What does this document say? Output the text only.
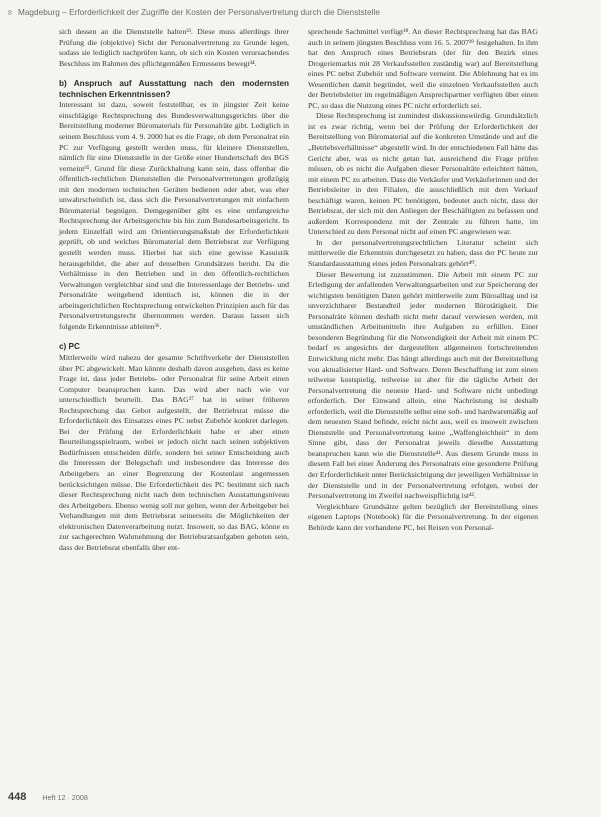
8 Magdeburg – Erforderlichkeit der Zugriffe der Kosten der Personalvertretung durch die Dienststelle

sich dessen an die Dienststelle halten³³. Diese muss allerdings ihrer Prüfung die (objektive) Sicht der Personalvertretung zu Grunde legen, sodass sie lediglich nachprüfen kann, ob sich ein Kosten verursachendes Beschluss im Rahmen des pflichtgemäßen Ermessens bewegt³⁴.

b) Anspruch auf Ausstattung nach den modernsten technischen Erkenntnissen?

Interessant ist dazu, soweit feststellbar, es in jüngster Zeit keine einschlägige Rechtsprechung des Bundesverwaltungsgerichts über die Bereitstellung moderner Büromaterials für Personalräte gibt. Lediglich in seinem Beschluss vom 4. 9. 2000 hat es die Frage, ob dem Personalrat ein PC zur Verfügung gestellt werden muss, für kleinere Dienststellen, nämlich für eine Dienststelle in der Größe einer Hundertschaft des BGS verneint³⁵. Grund für diese Zurückhaltung kann sein, dass offenbar die öffentlich-rechtlichen Dienststellen die Personalvertretungen großzügig mit den modernen technischen Geräten bedienen oder aber, was eher unwahrscheinlich ist, dass sich die Personalvertretungen mit einfachem Büromaterial begnügen. Demgegenüber gibt es eine umfangreiche Rechtsprechung der Arbeitsgerichte bis hin zum Bundesarbeitsgericht. In jedem Einzelfall wird am Orientierungsmaßstab der Erforderlichkeit geprüft, ob und welches Büromaterial dem Betriebsrat zur Verfügung gestellt werden muss. Hierbei hat sich eine gewisse Kasuistik herausgebildet, die aber auf denselben Grundsätzen beruht. Da die Verhältnisse in den Betrieben und in den öffentlich-rechtlichen Verwaltungen vergleichbar sind und die Interessenlage der Betriebs- und Personalräte weitgehend identisch ist, können die in der arbeitsgerichtlichen Rechtsprechung entwickelten Prinzipien auch für das Personalvertretungsrecht übernommen werden. Daraus lassen sich folgende Erkenntnisse ableiten³⁶.

c) PC

Mittlerweile wird nahezu der gesamte Schriftverkehr der Dienststellen über PC abgewickelt. Man könnte deshalb davon ausgehen, dass es keine Frage ist, dass jeder Betriebs- oder Personalrat für seine Arbeit einen Computer beanspruchen kann. Das wird aber nach wie vor unterschiedlich beurteilt. Das BAG³⁷ hat in seiner früheren Rechtsprechung das Gebot aufgestellt, der Betriebsrat müsse die Erforderlichkeit des Einsatzes eines PC nebst Zubehör konkret darlegen. Bei der Prüfung der Erforderlichkeit habe er aber einen Beurteilungsspielraum, wobei er jedoch nicht nach seinen subjektiven Bedürfnissen entscheiden dürfe, sondern bei seiner Entscheidung auch die Interessen der Belegschaft und insbesondere das Interesse des Arbeitgebers an einer Begrenzung der Kostenlast angemessen berücksichtigen müsse. Die Erforderlichkeit des PC bestimmt sich nach dieser Rechtsprechung nicht nach dem technischen Ausstattungsniveau des Arbeitgebers. Ebenso wenig soll nur gelten, wenn der Arbeitgeber bei Verhandlungen mit dem Betriebsrat seinerseits die Möglichkeiten der elektronischen Datenverarbeitung nutzt. Insoweit, so das BAG, könne es zur sachgerechten Wahrnehmung der Betriebsratsaufgaben geboten sein, dass der Betriebsrat ebenfalls über ent-

sprechende Sachmittel verfügt³⁸. An dieser Rechtsprechung hat das BAG auch in seinem jüngsten Beschluss vom 16. 5. 2007³⁹ festgehalten. In ihm hat den Anspruch eines Betriebsrats (der für den Bezirk eines Drogeriemarkts mit 28 Verkaufsstellen zuständig war) auf Bereitstellung eines PC nebst Zubehör und Software verneint. Die Ablehnung hat es im Wesentlichen damit begründet, weil die einzelnen Verkaufsstellen auch der Betriebsleiter im regelmäßigen Ansprechpartner verfügten über einen PC, so dass die Nutzung eines PC nicht erforderlich sei.

Diese Rechtsprechung ist zumindest diskussionswürdig. Grundsätzlich ist es zwar richtig, wenn bei der Prüfung der Erforderlichkeit der Bereitstellung von Büromaterial auf die konkreten Umstände und auf die „Betriebsverhältnisse“ abgestellt wird. In der entschiedenen Fall hätte das Gericht aber, was es nicht getan hat, ausreichend die Frage prüfen müssen, ob es nicht die Aufgaben dieser Personalräte erleichtert hätten, mit einem PC zu arbeiten. Dass die Verkäufer und Verkäuferinnen und der Betriebsleiter in den Filialen, die ausschließlich mit dem Verkauf beschäftigt waren, keinen PC benötigten, bedeutet auch nicht, dass der Betriebsrat, der sich mit den Anliegen der Beschäftigten zu befassen und außerdem Korrespondenz mit der Zentrale zu führen hatte, im Unterschied zu dem Personal nicht auf einen PC angewiesen war.

In der personalvertretungsrechtlichen Literatur scheint sich mittlerweile die Erkenntnis durchgesetzt zu haben, dass der PC heute zur Standardausstattung eines jeden Personalrats gehört⁴⁰.

Dieser Bewertung ist zuzustimmen. Die Arbeit mit einem PC zur Erledigung der anfallenden Verwaltungsarbeiten und zur Speicherung der wichtigsten benötigten Daten gehört mittlerweile zum Büroalltag und ist unverzichtbarer Bestandteil jeder modernen Bürotätigkeit. Die Personalräte können deshalb nicht mehr darauf verwiesen werden, mit umständlichen Arbeitsmitteln ihre Aufgaben zu erfüllen. Einer besonderen Begründung für die Notwendigkeit der Arbeit mit einem PC bedarf es angesichts der dargestellten allgemeinen fortschreitenden Entwicklung nicht mehr. Das hängt allerdings auch mit der Bereitstellung von aktualisierter Hard- und Software. Deren Beschaffung ist zum einen teilweise kostspielig, teilweise ist aber für die tägliche Arbeit der Personalvertretung die neueste Hard- und Software nicht unbedingt erforderlich. Der Einwand allein, eine Nachrüstung ist deshalb erforderlich, weil die Dienststelle selbst eine soft- und hardwaremäßig auf dem neuesten Stand befinde, reicht nicht aus, weil es insoweit zwischen Dienststelle und Personalvertretung keine „Waffengleichheit“ in dem Sinne gibt, dass der Personalrat jeweils dieselbe Ausstattung beanspruchen kann wie die Dienststelle⁴¹. Aus diesem Grunde muss in diesem Fall bei einer Änderung des Personalrats eine gesonderte Prüfung der Erforderlichkeit unter Berücksichtigung der jeweiligen Verhältnisse in der Dienststelle und in der Personalvertretung erfolgen, wobei der Personalvertretung im Zweifel nachweispflichtig ist⁴².

Vergleichbare Grundsätze gelten bezüglich der Bereitstellung eines eigenen Laptops (Notebook) für die Personalvertretung. In der eigenen Behörde kann der vorhandene PC, bei Reisen von Personal-

448 Heft 12 · 2008
